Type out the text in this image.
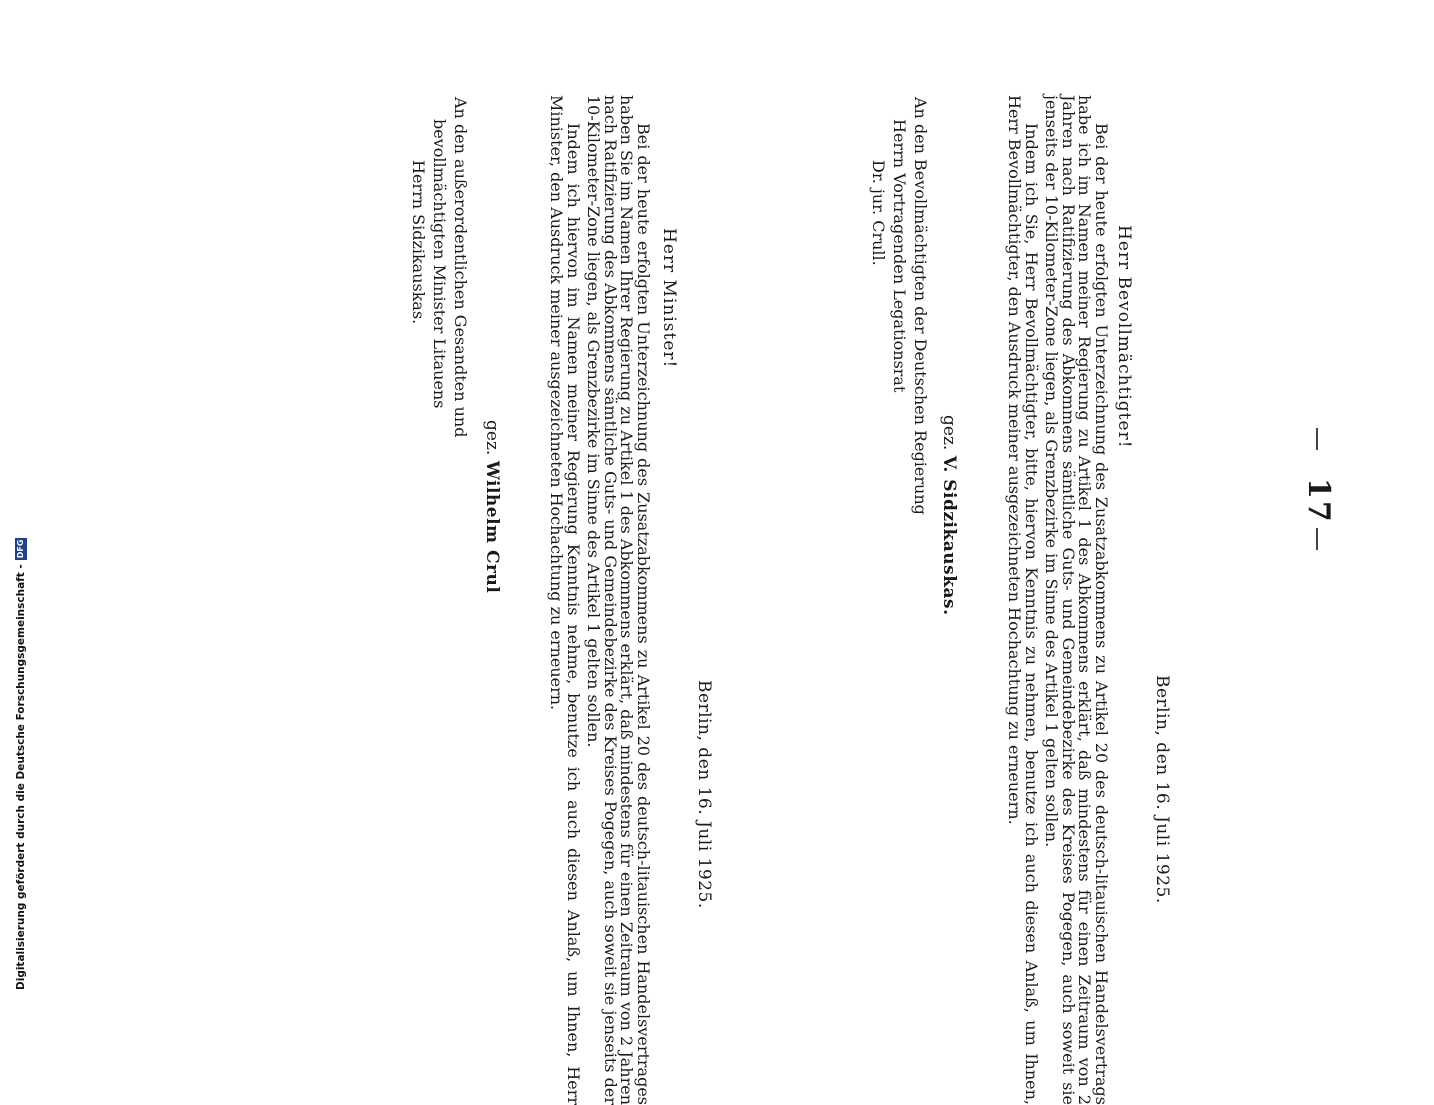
17
Berlin, den 16. Juli 1925.
Herr Bevollmächtigter!
Bei der heute erfolgten Unterzeichnung des Zusatzabkommens zu Artikel 20 des deutsch-litauischen Handelsvertrags habe ich im Namen meiner Regierung zu Artikel 1 des Abkommens erklärt, daß mindestens für einen Zeitraum von 2 Jahren nach Ratifizierung des Abkommens sämtliche Guts- und Gemeindebezirke des Kreises Pogegen, auch soweit sie jenseits der 10-Kilometer-Zone liegen, als Grenzbezirke im Sinne des Artikel 1 gelten sollen.
Indem ich Sie, Herr Bevollmächtigter, bitte, hiervon Kenntnis zu nehmen, benutze ich auch diesen Anlaß, um Ihnen, Herr Bevollmächtigter, den Ausdruck meiner ausgezeichneten Hochachtung zu erneuern.
gez. V. Sidzikauskas.
An den Bevollmächtigten der Deutschen Regierung
Herrn Vortragenden Legationsrat
Dr. jur. Crull.
Berlin, den 16. Juli 1925.
Herr Minister!
Bei der heute erfolgten Unterzeichnung des Zusatzabkommens zu Artikel 20 des deutsch-litauischen Handelsvertrages haben Sie im Namen Ihrer Regierung zu Artikel 1 des Abkommens erklärt, daß mindestens für einen Zeitraum von 2 Jahren nach Ratifizierung des Abkommens sämtliche Guts- und Gemeindebezirke des Kreises Pogegen, auch soweit sie jenseits der 10-Kilometer-Zone liegen, als Grenzbezirke im Sinne des Artikel 1 gelten sollen.
Indem ich hiervon im Namen meiner Regierung Kenntnis nehme, benutze ich auch diesen Anlaß, um Ihnen, Herr Minister, den Ausdruck meiner ausgezeichneten Hochachtung zu erneuern.
gez. Wilhelm Crul
An den außerordentlichen Gesandten und
bevollmächtigten Minister Litauens
Herrn Sidzikauskas.
Digitalisierung gefördert durch die Deutsche Forschungsgemeinschaft -
DFG
